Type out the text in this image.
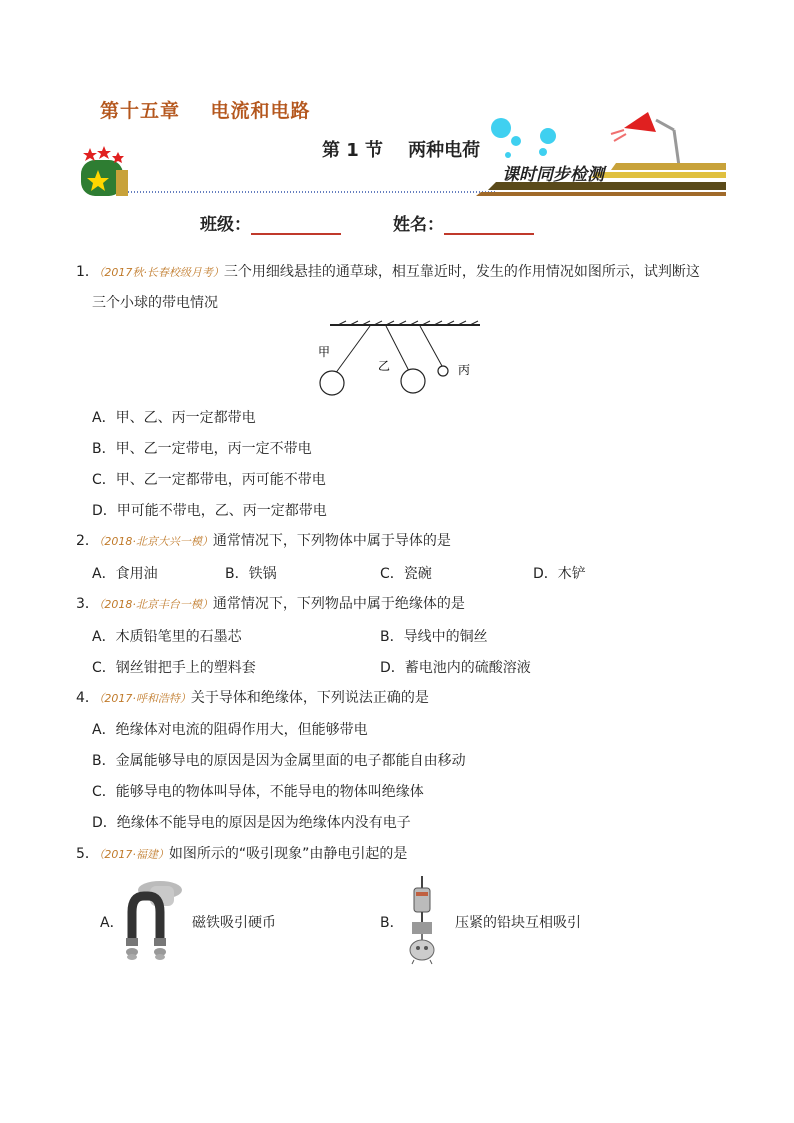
第十五章    电流和电路
第 1 节    两种电荷
课时同步检测
班级：	姓名：
1．（2017秋·长春校级月考）三个用细线悬挂的通草球，相互靠近时，发生的作用情况如图所示，试判断这
三个小球的带电情况
甲
乙	丙
A．甲、乙、丙一定都带电
B．甲、乙一定带电，丙一定不带电
C．甲、乙一定都带电，丙可能不带电
D．甲可能不带电，乙、丙一定都带电
2．（2018·北京大兴一模）通常情况下，下列物体中属于导体的是
A．食用油	B．铁锅	C．瓷碗	D．木铲
3．（2018·北京丰台一模）通常情况下，下列物品中属于绝缘体的是
A．木质铅笔里的石墨芯	B．导线中的铜丝
C．钢丝钳把手上的塑料套	D．蓄电池内的硫酸溶液
4．（2017·呼和浩特）关于导体和绝缘体，下列说法正确的是
A．绝缘体对电流的阻碍作用大，但能够带电
B．金属能够导电的原因是因为金属里面的电子都能自由移动
C．能够导电的物体叫导体，不能导电的物体叫绝缘体
D．绝缘体不能导电的原因是因为绝缘体内没有电子
5．（2017·福建）如图所示的“吸引现象”由静电引起的是
A．	磁铁吸引硬币	B．	压紧的铅块互相吸引
